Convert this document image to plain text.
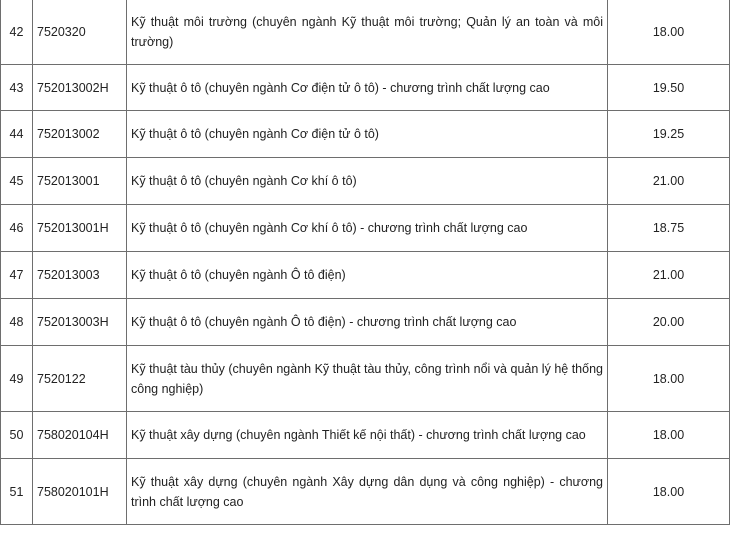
42	7520320	Kỹ thuật môi trường (chuyên ngành Kỹ thuật môi trường; Quản lý an toàn và môi trường)	18.00
43	752013002H	Kỹ thuật ô tô (chuyên ngành Cơ điện tử ô tô) - chương trình chất lượng cao	19.50
44	752013002	Kỹ thuật ô tô (chuyên ngành Cơ điện tử ô tô)	19.25
45	752013001	Kỹ thuật ô tô (chuyên ngành Cơ khí ô tô)	21.00
46	752013001H	Kỹ thuật ô tô (chuyên ngành Cơ khí ô tô) - chương trình chất lượng cao	18.75
47	752013003	Kỹ thuật ô tô (chuyên ngành Ô tô điện)	21.00
48	752013003H	Kỹ thuật ô tô (chuyên ngành Ô tô điện) - chương trình chất lượng cao	20.00
49	7520122	Kỹ thuật tàu thủy (chuyên ngành Kỹ thuật tàu thủy, công trình nổi và quản lý hệ thống công nghiệp)	18.00
50	758020104H	Kỹ thuật xây dựng (chuyên ngành Thiết kế nội thất) - chương trình chất lượng cao	18.00
51	758020101H	Kỹ thuật xây dựng (chuyên ngành Xây dựng dân dụng và công nghiệp) - chương trình chất lượng cao	18.00
